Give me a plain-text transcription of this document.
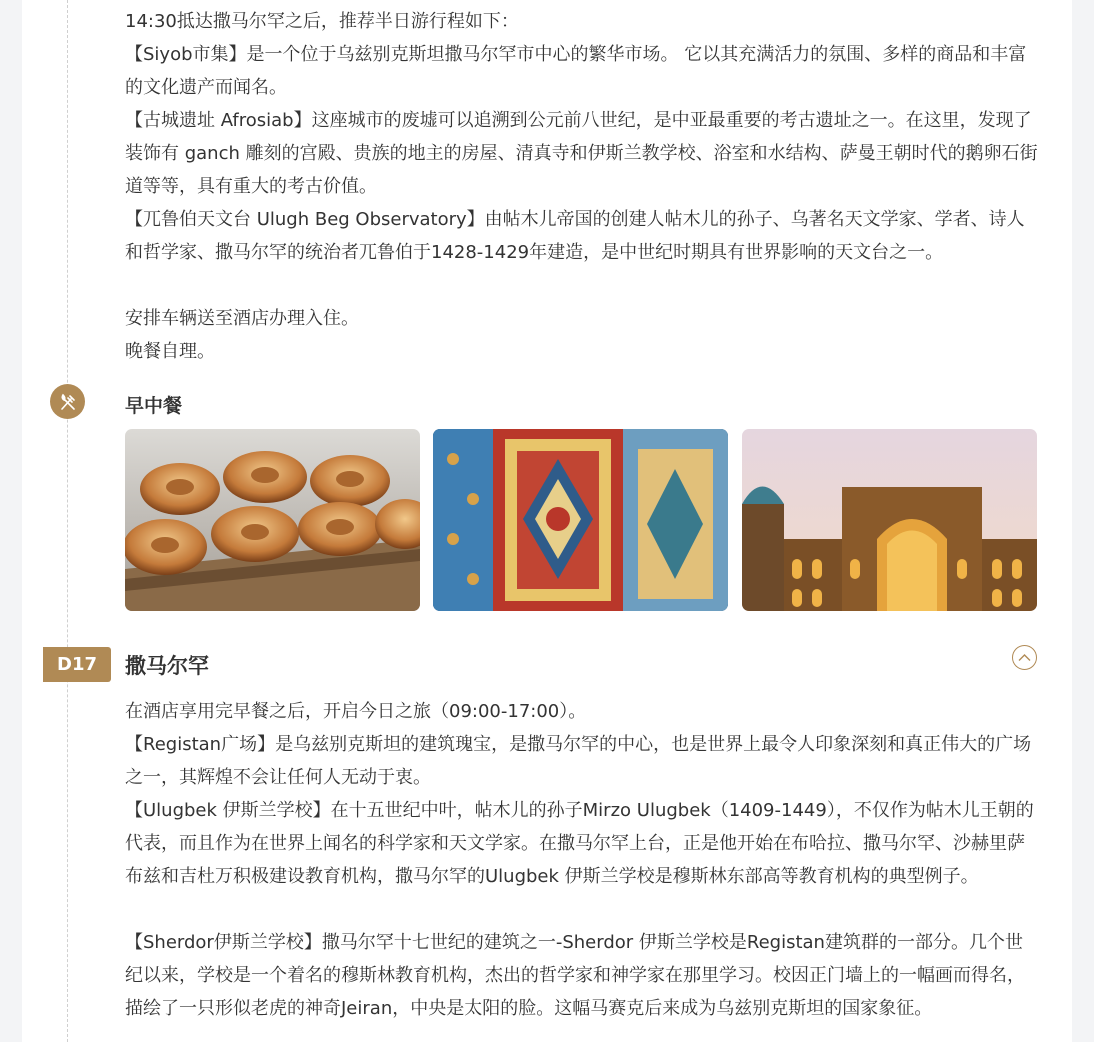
14:30抵达撒马尔罕之后，推荐半日游行程如下：
【Siyob市集】是一个位于乌兹别克斯坦撒马尔罕市中心的繁华市场。 它以其充满活力的氛围、多样的商品和丰富的文化遗产而闻名。
【古城遗址 Afrosiab】这座城市的废墟可以追溯到公元前八世纪，是中亚最重要的考古遗址之一。在这里，发现了装饰有 ganch 雕刻的宫殿、贵族的地主的房屋、清真寺和伊斯兰教学校、浴室和水结构、萨曼王朝时代的鹅卵石街道等等，具有重大的考古价值。
【兀鲁伯天文台 Ulugh Beg Observatory】由帖木儿帝国的创建人帖木儿的孙子、乌著名天文学家、学者、诗人和哲学家、撒马尔罕的统治者兀鲁伯于1428-1429年建造，是中世纪时期具有世界影响的天文台之一。
安排车辆送至酒店办理入住。
晚餐自理。
早中餐
D17	撒马尔罕
在酒店享用完早餐之后，开启今日之旅（09:00-17:00）。
【Registan广场】是乌兹别克斯坦的建筑瑰宝，是撒马尔罕的中心，也是世界上最令人印象深刻和真正伟大的广场之一，其辉煌不会让任何人无动于衷。
【Ulugbek 伊斯兰学校】在十五世纪中叶，帖木儿的孙子Mirzo Ulugbek（1409-1449），不仅作为帖木儿王朝的代表，而且作为在世界上闻名的科学家和天文学家。在撒马尔罕上台，正是他开始在布哈拉、撒马尔罕、沙赫里萨布兹和吉杜万积极建设教育机构，撒马尔罕的Ulugbek 伊斯兰学校是穆斯林东部高等教育机构的典型例子。
【Sherdor伊斯兰学校】撒马尔罕十七世纪的建筑之一-Sherdor 伊斯兰学校是Registan建筑群的一部分。几个世纪以来，学校是一个着名的穆斯林教育机构，杰出的哲学家和神学家在那里学习。校因正门墙上的一幅画而得名，描绘了一只形似老虎的神奇Jeiran，中央是太阳的脸。这幅马赛克后来成为乌兹别克斯坦的国家象征。
